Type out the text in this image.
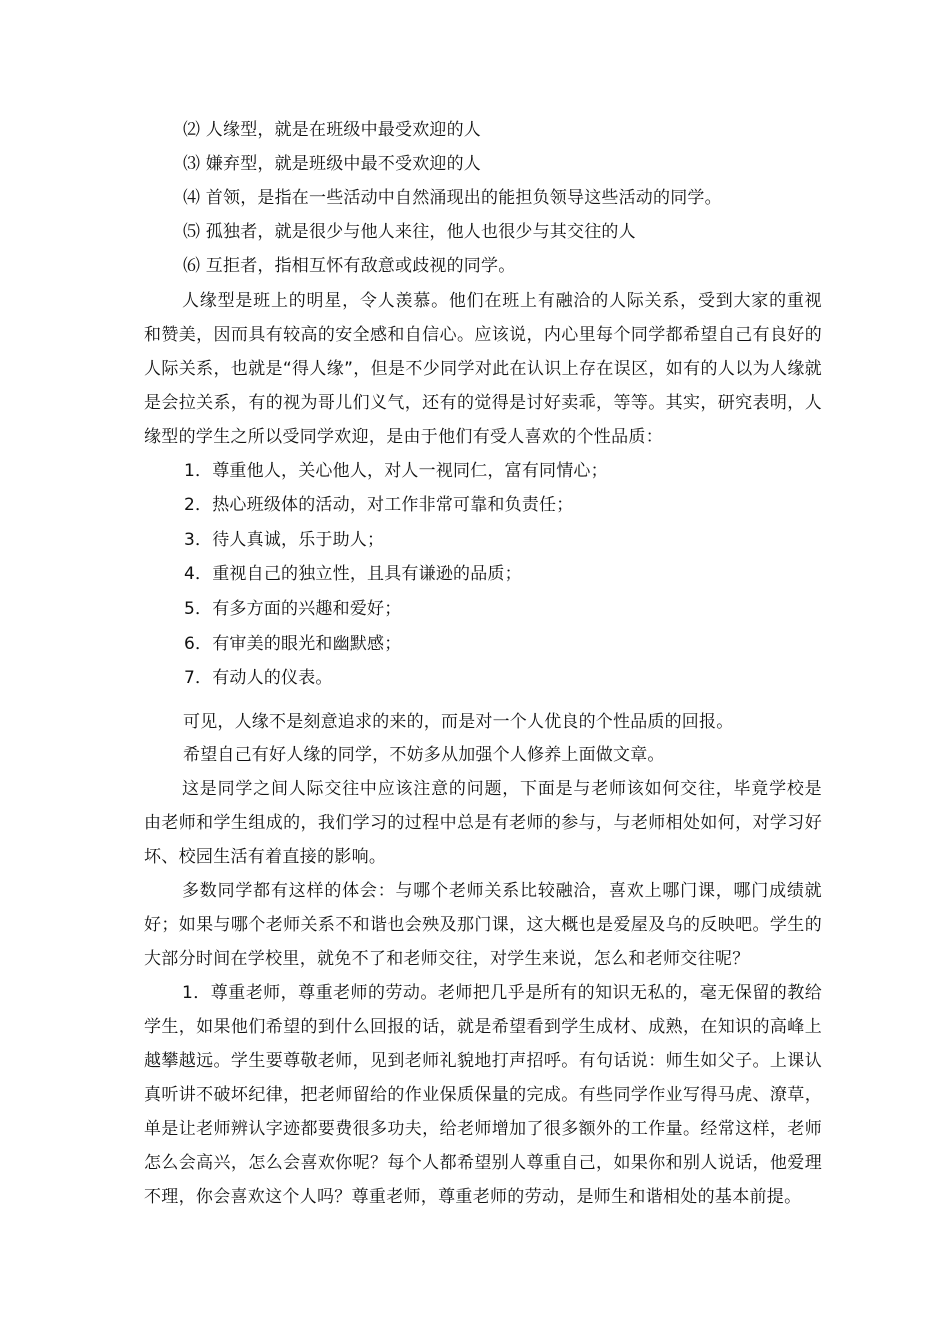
⑵ 人缘型，就是在班级中最受欢迎的人
⑶ 嫌弃型，就是班级中最不受欢迎的人
⑷ 首领，是指在一些活动中自然涌现出的能担负领导这些活动的同学。
⑸ 孤独者，就是很少与他人来往，他人也很少与其交往的人
⑹ 互拒者，指相互怀有敌意或歧视的同学。
人缘型是班上的明星，令人羡慕。他们在班上有融洽的人际关系，受到大家的重视和赞美，因而具有较高的安全感和自信心。应该说，内心里每个同学都希望自己有良好的人际关系，也就是“得人缘”，但是不少同学对此在认识上存在误区，如有的人以为人缘就是会拉关系，有的视为哥儿们义气，还有的觉得是讨好卖乖，等等。其实，研究表明，人缘型的学生之所以受同学欢迎，是由于他们有受人喜欢的个性品质：
1．尊重他人，关心他人，对人一视同仁，富有同情心；
2．热心班级体的活动，对工作非常可靠和负责任；
3．待人真诚，乐于助人；
4．重视自己的独立性，且具有谦逊的品质；
5．有多方面的兴趣和爱好；
6．有审美的眼光和幽默感；
7．有动人的仪表。
可见，人缘不是刻意追求的来的，而是对一个人优良的个性品质的回报。
希望自己有好人缘的同学，不妨多从加强个人修养上面做文章。
这是同学之间人际交往中应该注意的问题，下面是与老师该如何交往，毕竟学校是由老师和学生组成的，我们学习的过程中总是有老师的参与，与老师相处如何，对学习好坏、校园生活有着直接的影响。
多数同学都有这样的体会：与哪个老师关系比较融洽，喜欢上哪门课，哪门成绩就好；如果与哪个老师关系不和谐也会殃及那门课，这大概也是爱屋及乌的反映吧。学生的大部分时间在学校里，就免不了和老师交往，对学生来说，怎么和老师交往呢？
1．尊重老师，尊重老师的劳动。老师把几乎是所有的知识无私的，毫无保留的教给学生，如果他们希望的到什么回报的话，就是希望看到学生成材、成熟，在知识的高峰上越攀越远。学生要尊敬老师，见到老师礼貌地打声招呼。有句话说：师生如父子。上课认真听讲不破坏纪律，把老师留给的作业保质保量的完成。有些同学作业写得马虎、潦草，单是让老师辨认字迹都要费很多功夫，给老师增加了很多额外的工作量。经常这样，老师怎么会高兴，怎么会喜欢你呢？每个人都希望别人尊重自己，如果你和别人说话，他爱理不理，你会喜欢这个人吗？尊重老师，尊重老师的劳动，是师生和谐相处的基本前提。
